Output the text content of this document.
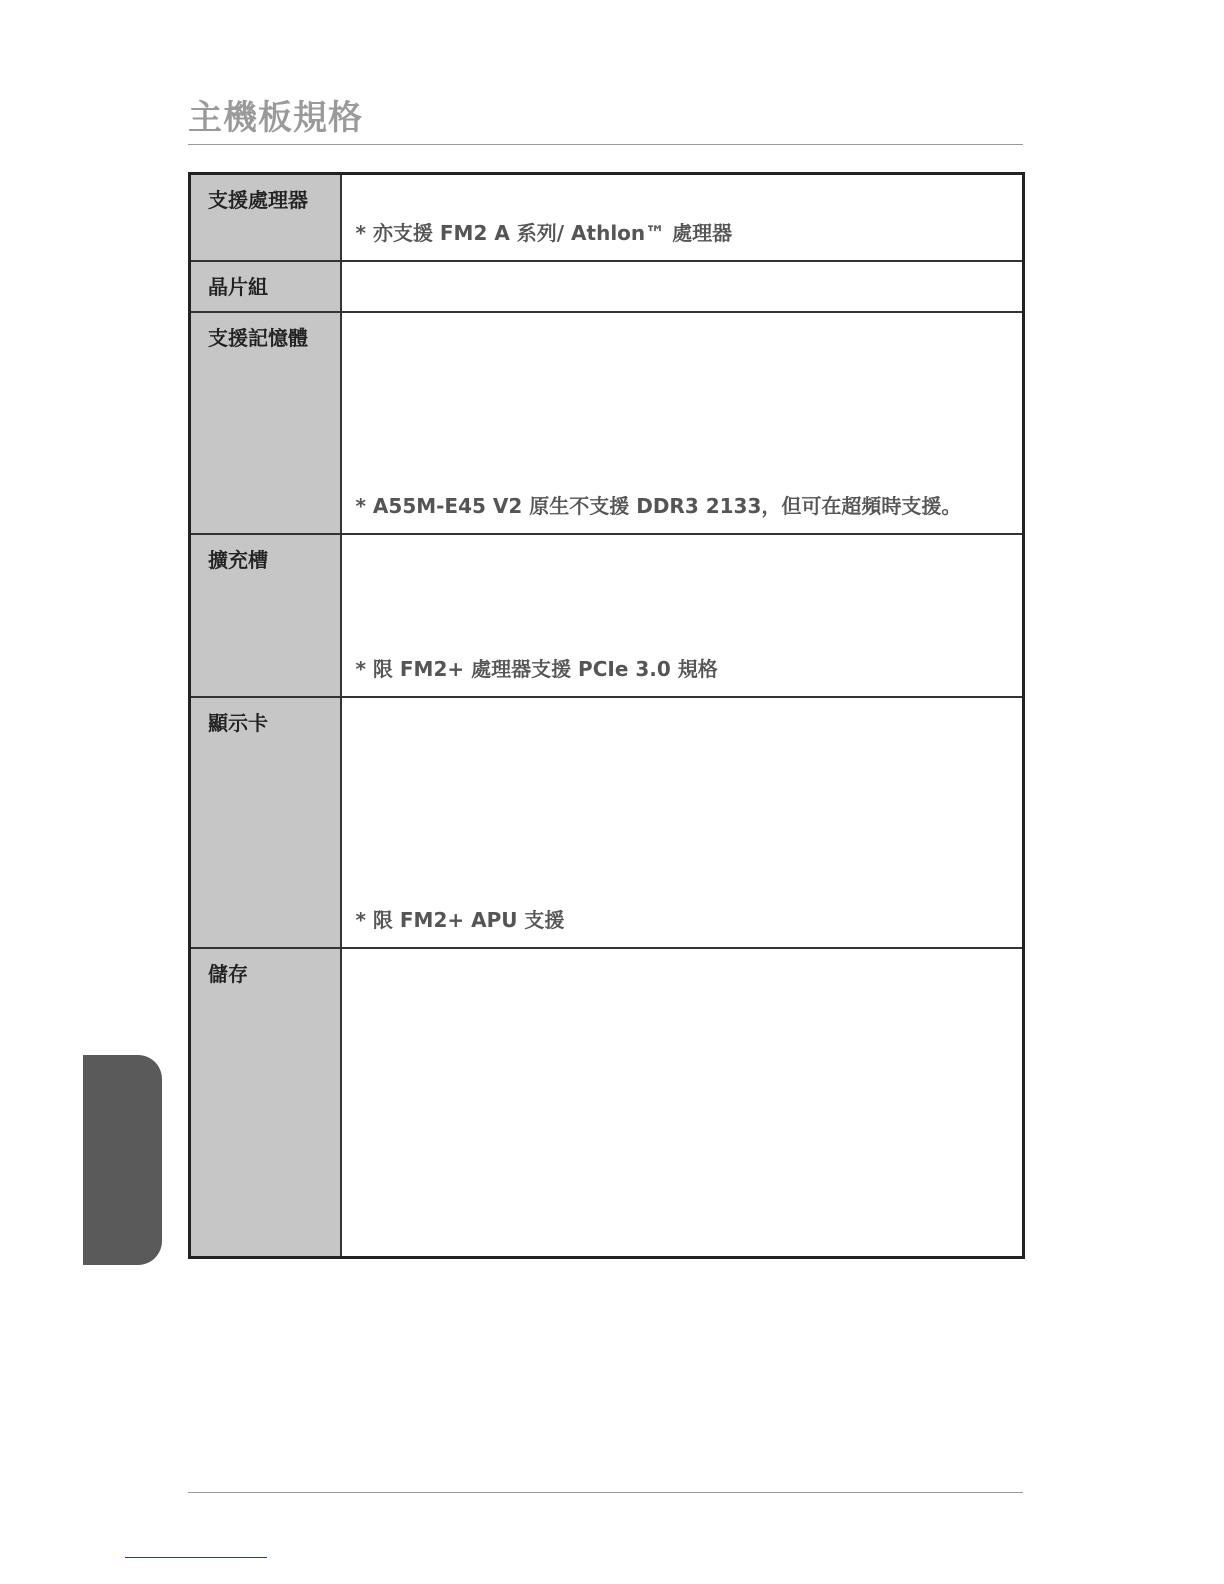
主機板規格
支援處理器	* 亦支援 FM2 A 系列/ Athlon™ 處理器

晶片組	
支援記憶體	* A55M-E45 V2 原生不支援 DDR3 2133，但可在超頻時支援。

擴充槽	* 限 FM2+ 處理器支援 PCIe 3.0 規格

顯示卡	* 限 FM2+ APU 支援

儲存	
